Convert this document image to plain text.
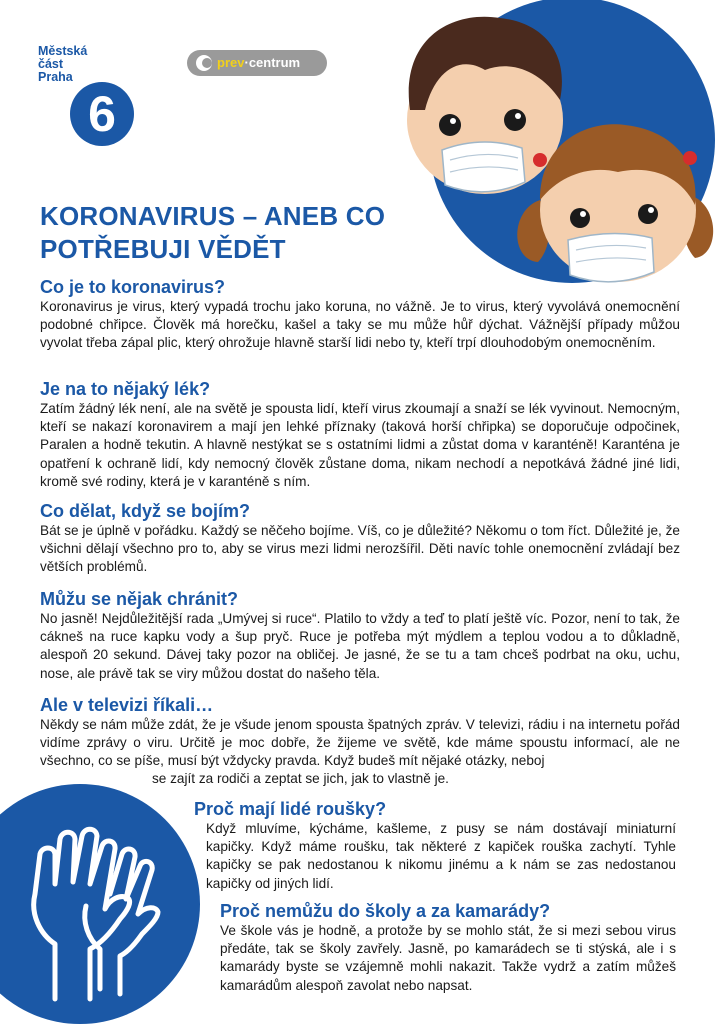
Městská
část
Praha
6
prev·centrum
KORONAVIRUS – ANEB CO
POTŘEBUJI VĚDĚT
Co je to koronavirus?

Koronavirus je virus, který vypadá trochu jako koruna, no vážně. Je to virus, který vyvolává onemocnění podobné chřipce. Člověk má horečku, kašel a taky se mu může hůř dýchat. Vážnější případy můžou vyvolat třeba zápal plic, který ohrožuje hlavně starší lidi nebo ty, kteří trpí dlouhodobým onemocněním.

Je na to nějaký lék?

Zatím žádný lék není, ale na světě je spousta lidí, kteří virus zkoumají a snaží se lék vyvinout. Nemocným, kteří se nakazí koronavirem a mají jen lehké příznaky (taková horší chřipka) se doporučuje odpočinek, Paralen a hodně tekutin. A hlavně nestýkat se s ostatními lidmi a zůstat doma v karanténě! Karanténa je opatření k ochraně lidí, kdy nemocný člověk zůstane doma, nikam nechodí a nepotkává žádné jiné lidi, kromě své rodiny, která je v karanténě s ním.

Co dělat, když se bojím?

Bát se je úplně v pořádku. Každý se něčeho bojíme. Víš, co je důležité? Někomu o tom říct. Důležité je, že všichni dělají všechno pro to, aby se virus mezi lidmi nerozšířil. Děti navíc tohle onemocnění zvládají bez větších problémů.

Můžu se nějak chránit?

No jasně! Nejdůležitější rada „Umývej si ruce“. Platilo to vždy a teď to platí ještě víc. Pozor, není to tak, že cákneš na ruce kapku vody a šup pryč. Ruce je potřeba mýt mýdlem a teplou vodou a to důkladně, alespoň 20 sekund. Dávej taky pozor na obličej. Je jasné, že se tu a tam chceš podrbat na oku, uchu, nose, ale právě tak se viry můžou dostat do našeho těla.

Ale v televizi říkali…

Někdy se nám může zdát, že je všude jenom spousta špatných zpráv. V televizi, rádiu i na internetu pořád vidíme zprávy o viru. Určitě je moc dobře, že žijeme ve světě, kde máme spoustu informací, ale ne všechno, co se píše, musí být vždycky pravda. Když budeš mít nějaké otázky, neboj

se zajít za rodiči a zeptat se jich, jak to vlastně je.

Proč mají lidé roušky?

Když mluvíme, kýcháme, kašleme, z pusy se nám dostávají miniaturní kapičky. Když máme roušku, tak některé z kapiček rouška zachytí. Tyhle kapičky se pak nedostanou k nikomu jinému a k nám se zas nedostanou kapičky od jiných lidí.

Proč nemůžu do školy a za kamarády?

Ve škole vás je hodně, a protože by se mohlo stát, že si mezi sebou virus předáte, tak se školy zavřely. Jasně, po kamarádech se ti stýská, ale i s kamarády byste se vzájemně mohli nakazit. Takže vydrž a zatím můžeš kamarádům alespoň zavolat nebo napsat.
